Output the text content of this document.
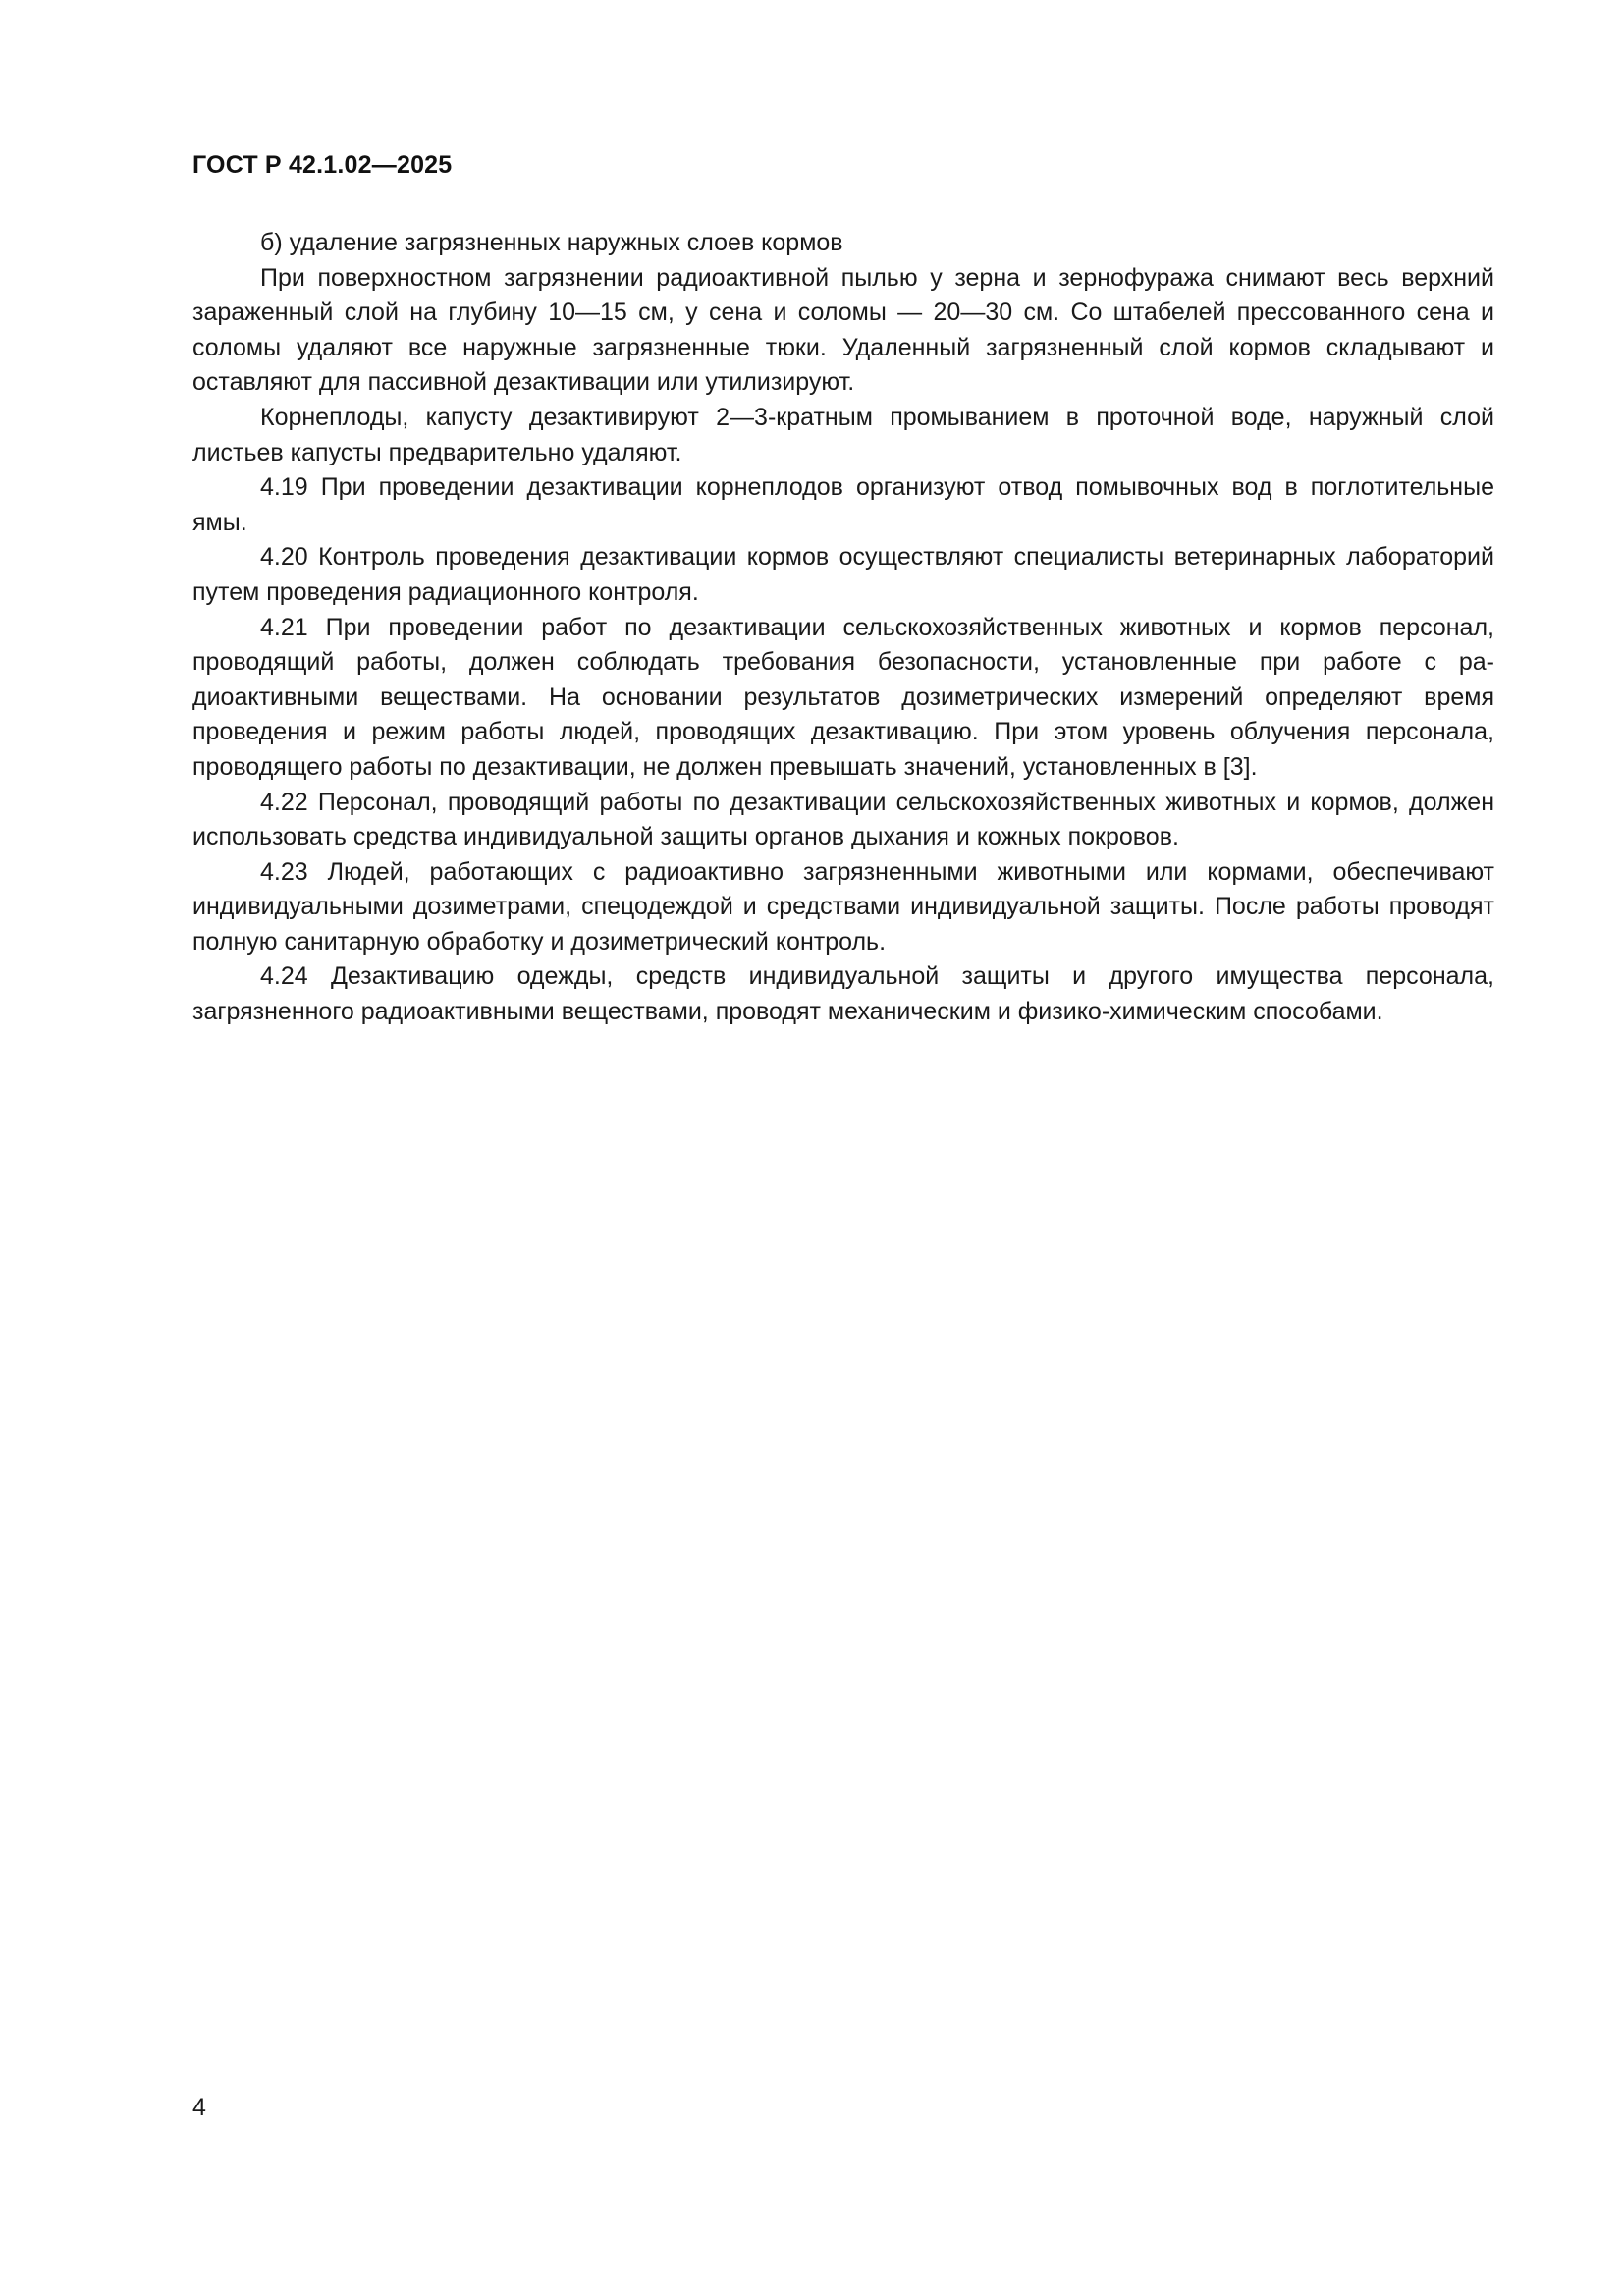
ГОСТ Р 42.1.02—2025

б) удаление загрязненных наружных слоев кормов

При поверхностном загрязнении радиоактивной пылью у зерна и зернофуража снимают весь верхний зараженный слой на глубину 10—15 см, у сена и соломы — 20—30 см. Со штабелей прессованного сена и соломы удаляют все наружные загрязненные тюки. Удаленный загрязненный слой кормов складывают и оставляют для пассивной дезактивации или утилизируют.

Корнеплоды, капусту дезактивируют 2—3-кратным промыванием в проточной воде, наружный слой листьев капусты предварительно удаляют.

4.19 При проведении дезактивации корнеплодов организуют отвод помывочных вод в поглотительные ямы.

4.20 Контроль проведения дезактивации кормов осуществляют специалисты ветеринарных лабораторий путем проведения радиационного контроля.

4.21 При проведении работ по дезактивации сельскохозяйственных животных и кормов персонал, проводящий работы, должен соблюдать требования безопасности, установленные при работе с радиоактивными веществами. На основании результатов дозиметрических измерений определяют время проведения и режим работы людей, проводящих дезактивацию. При этом уровень облучения персонала, проводящего работы по дезактивации, не должен превышать значений, установленных в [3].

4.22 Персонал, проводящий работы по дезактивации сельскохозяйственных животных и кормов, должен использовать средства индивидуальной защиты органов дыхания и кожных покровов.

4.23 Людей, работающих с радиоактивно загрязненными животными или кормами, обеспечивают индивидуальными дозиметрами, спецодеждой и средствами индивидуальной защиты. После работы проводят полную санитарную обработку и дозиметрический контроль.

4.24 Дезактивацию одежды, средств индивидуальной защиты и другого имущества персонала, загрязненного радиоактивными веществами, проводят механическим и физико-химическим способами.

4
